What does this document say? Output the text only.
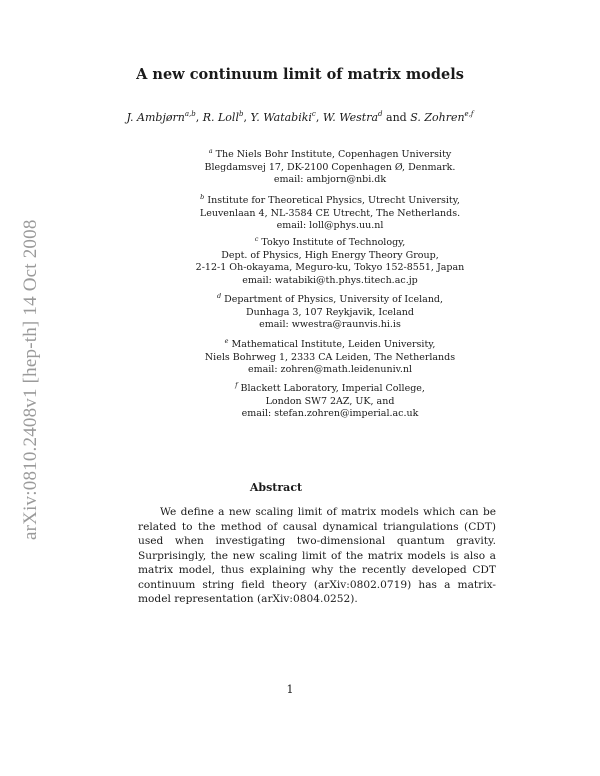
arXiv:0810.2408v1 [hep-th] 14 Oct 2008
A new continuum limit of matrix models
J. Ambjørn$^{a,b}$, R. Loll$^b$, Y. Watabiki$^c$, W. Westra$^d$ and S. Zohren$^{e,f}$
$^a$ The Niels Bohr Institute, Copenhagen University
Blegdamsvej 17, DK-2100 Copenhagen Ø, Denmark.
email: ambjorn@nbi.dk
$^b$ Institute for Theoretical Physics, Utrecht University,
Leuvenlaan 4, NL-3584 CE Utrecht, The Netherlands.
email: loll@phys.uu.nl
$^c$ Tokyo Institute of Technology,
Dept. of Physics, High Energy Theory Group,
2-12-1 Oh-okayama, Meguro-ku, Tokyo 152-8551, Japan
email: watabiki@th.phys.titech.ac.jp
$^d$ Department of Physics, University of Iceland,
Dunhaga 3, 107 Reykjavik, Iceland
email: wwestra@raunvis.hi.is
$^e$ Mathematical Institute, Leiden University,
Niels Bohrweg 1, 2333 CA Leiden, The Netherlands
email: zohren@math.leidenuniv.nl
$^f$ Blackett Laboratory, Imperial College,
London SW7 2AZ, UK, and
email: stefan.zohren@imperial.ac.uk
Abstract
We define a new scaling limit of matrix models which can be related to the method of causal dynamical triangulations (CDT) used when investigating two-dimensional quantum gravity. Surprisingly, the new scaling limit of the matrix models is also a matrix model, thus explaining why the recently developed CDT continuum string field theory (arXiv:0802.0719) has a matrix-model representation (arXiv:0804.0252).
1
